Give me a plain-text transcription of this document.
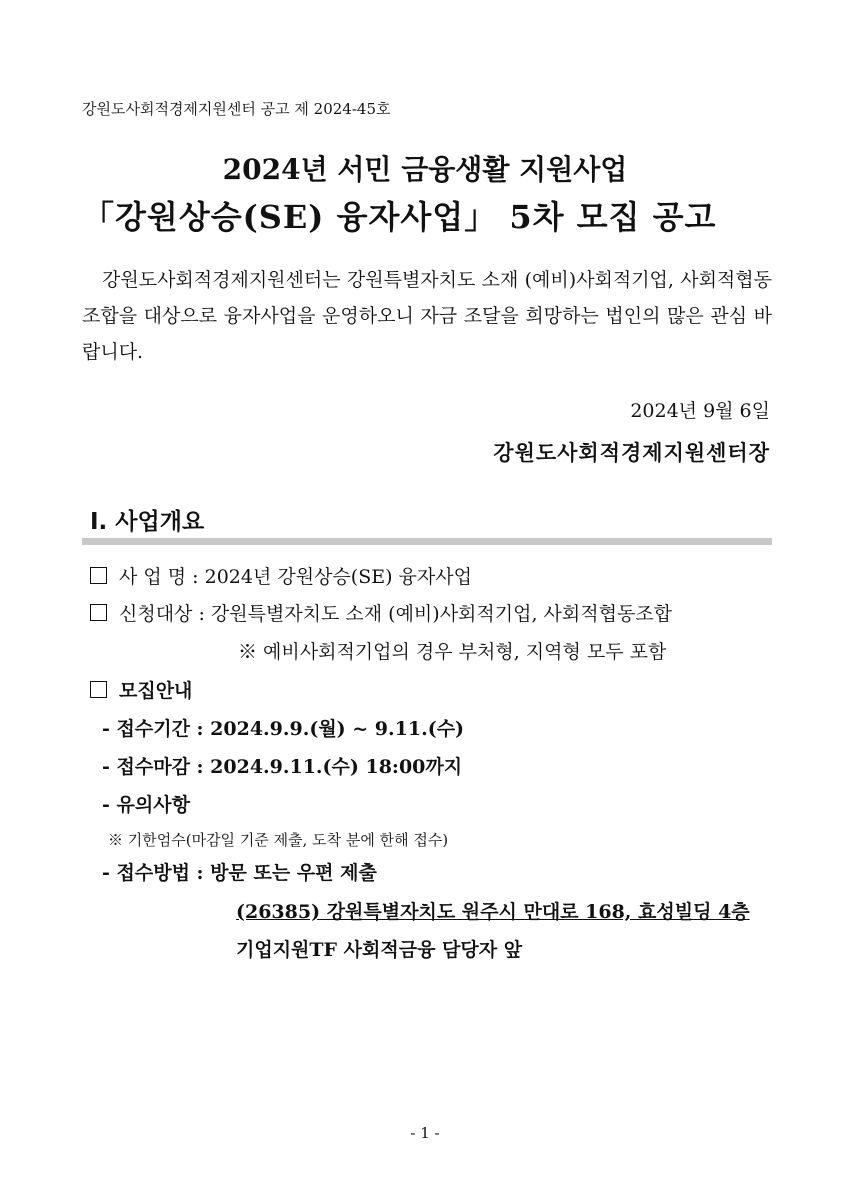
강원도사회적경제지원센터 공고 제 2024-45호
2024년 서민 금융생활 지원사업
「강원상승(SE) 융자사업」 5차 모집 공고

강원도사회적경제지원센터는 강원특별자치도 소재 (예비)사회적기업, 사회적협동조합을 대상으로 융자사업을 운영하오니 자금 조달을 희망하는 법인의 많은 관심 바랍니다.

2024년 9월 6일
강원도사회적경제지원센터장
Ⅰ. 사업개요
사 업 명 : 2024년 강원상승(SE) 융자사업
신청대상 : 강원특별자치도 소재 (예비)사회적기업, 사회적협동조합
※ 예비사회적기업의 경우 부처형, 지역형 모두 포함
모집안내
- 접수기간 : 2024.9.9.(월) ~ 9.11.(수)
- 접수마감 : 2024.9.11.(수) 18:00까지
- 유의사항
※ 기한엄수(마감일 기준 제출, 도착 분에 한해 접수)
- 접수방법 : 방문 또는 우편 제출
(26385) 강원특별자치도 원주시 만대로 168, 효성빌딩 4층
기업지원TF 사회적금융 담당자 앞
- 1 -
